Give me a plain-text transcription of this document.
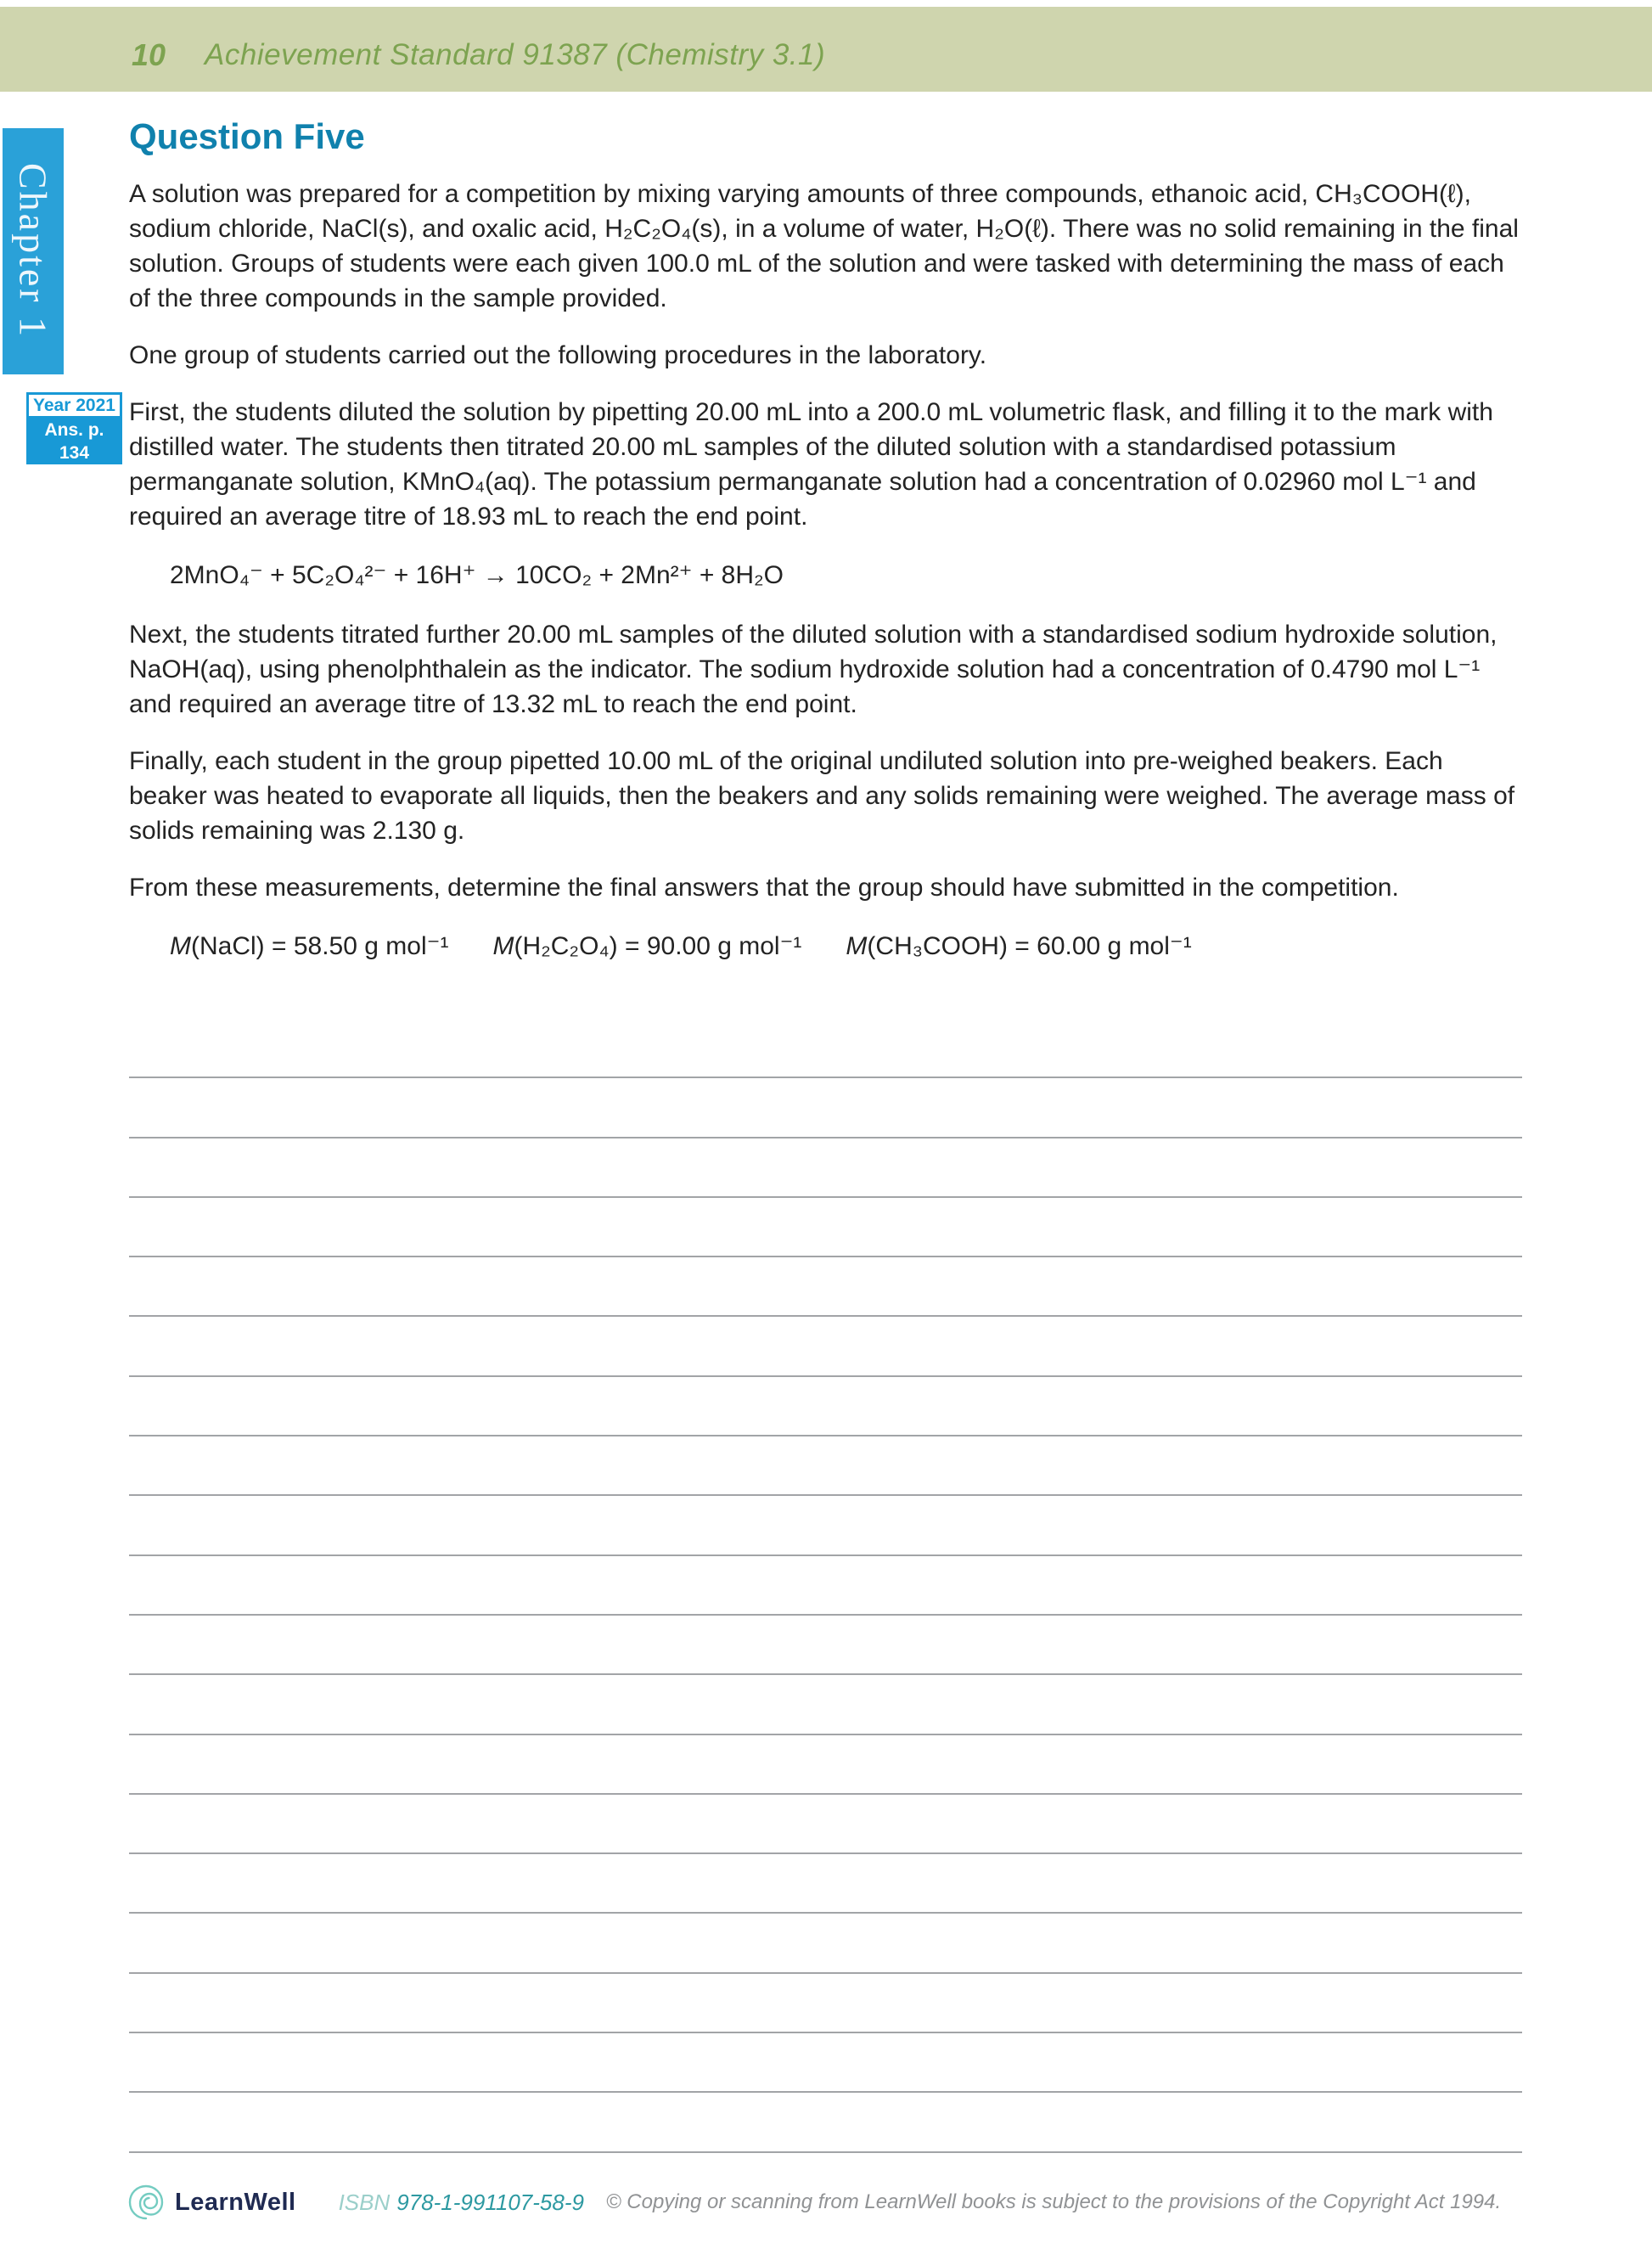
10 Achievement Standard 91387 (Chemistry 3.1)
Chapter 1
Year 2021
Ans. p. 134
Question Five

A solution was prepared for a competition by mixing varying amounts of three compounds, ethanoic acid, CH₃COOH(ℓ), sodium chloride, NaCl(s), and oxalic acid, H₂C₂O₄(s), in a volume of water, H₂O(ℓ). There was no solid remaining in the final solution. Groups of students were each given 100.0 mL of the solution and were tasked with determining the mass of each of the three compounds in the sample provided.

One group of students carried out the following procedures in the laboratory.

First, the students diluted the solution by pipetting 20.00 mL into a 200.0 mL volumetric flask, and filling it to the mark with distilled water. The students then titrated 20.00 mL samples of the diluted solution with a standardised potassium permanganate solution, KMnO₄(aq). The potassium permanganate solution had a concentration of 0.02960 mol L⁻¹ and required an average titre of 18.93 mL to reach the end point.

2MnO₄⁻ + 5C₂O₄²⁻ + 16H⁺ → 10CO₂ + 2Mn²⁺ + 8H₂O

Next, the students titrated further 20.00 mL samples of the diluted solution with a standardised sodium hydroxide solution, NaOH(aq), using phenolphthalein as the indicator. The sodium hydroxide solution had a concentration of 0.4790 mol L⁻¹ and required an average titre of 13.32 mL to reach the end point.

Finally, each student in the group pipetted 10.00 mL of the original undiluted solution into pre-weighed beakers. Each beaker was heated to evaporate all liquids, then the beakers and any solids remaining were weighed. The average mass of solids remaining was 2.130 g.

From these measurements, determine the final answers that the group should have submitted in the competition.

M(NaCl) = 58.50 g mol⁻¹ M(H₂C₂O₄) = 90.00 g mol⁻¹ M(CH₃COOH) = 60.00 g mol⁻¹
LearnWell ISBN 978-1-991107-58-9 © Copying or scanning from LearnWell books is subject to the provisions of the Copyright Act 1994.
